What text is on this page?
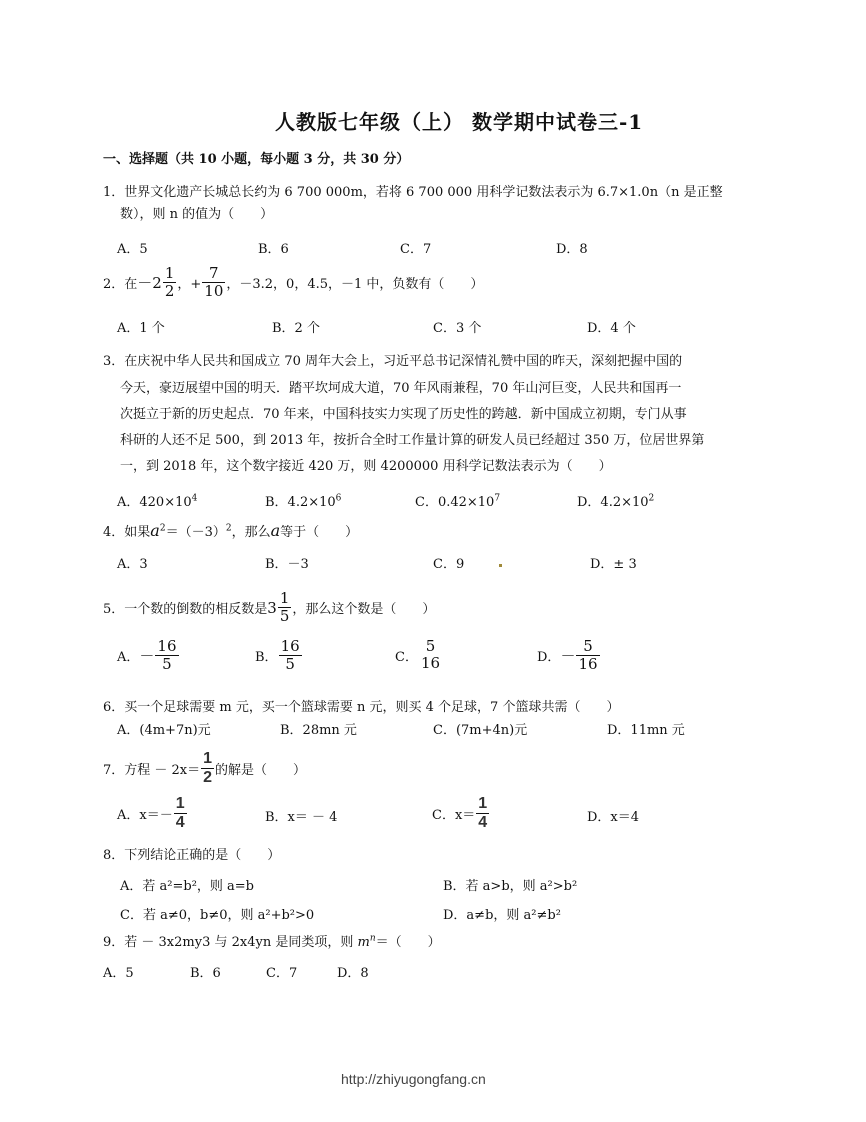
人教版七年级（上） 数学期中试卷三-1
一、选择题（共 10 小题，每小题 3 分，共 30 分）
1．世界文化遗产长城总长约为 6 700 000m，若将 6 700 000 用科学记数法表示为 6.7×1.0n（n 是正整
数），则 n 的值为（　　）
A．5	B．6	C．7	D．8
2．在$-2 \frac{1}{2}$ ，+ $\frac{7}{10}$ ，－3.2，0，4.5，－1 中，负数有（　　）
A．1 个	B．2 个	C．3 个	D．4 个
3．在庆祝中华人民共和国成立 70 周年大会上，习近平总书记深情礼赞中国的昨天，深刻把握中国的
今天，豪迈展望中国的明天．踏平坎坷成大道，70 年风雨兼程，70 年山河巨变，人民共和国再一
次挺立于新的历史起点．70 年来，中国科技实力实现了历史性的跨越．新中国成立初期，专门从事
科研的人还不足 500，到 2013 年，按折合全时工作量计算的研发人员已经超过 350 万，位居世界第
一，到 2018 年，这个数字接近 420 万，则 4200000 用科学记数法表示为（　　）
A．$420\times 10^4$	B．$4.2\times 10^6$	C．$0.42\times 10^7$	D．$4.2\times 10^2$
4．如果$a^2=(-3)^2$，那么a等于（　　）
A．3	B．－3	C．9	D．± 3
5．一个数的倒数的相反数是$3 \frac{1}{5}$ ，那么这个数是（　　）
A．－ $\frac{16}{5}$	B． $\frac{16}{5}$	C．
5
16	D．－ $\frac{5}{16}$
6．买一个足球需要 m 元，买一个篮球需要 n 元，则买 4 个足球，7 个篮球共需（　　）
A．(4m+7n)元	B．28mn 元	C．(7m+4n)元	D．11mn 元
7．方程 － $2x= \frac{1}{2}$ 的解是（　　）
A．$x=- \frac{1}{4}$	B．x＝ － 4	C．$x= \frac{1}{4}$	D．x＝4
8．下列结论正确的是（　　）
A．若 a²=b²，则 a=b	B．若 a>b，则 a²>b²
C．若 a≠0，b≠0，则 a²+b²>0	D．a≠b，则 a²≠b²
9．若 － 3x2my3 与 2x4yn 是同类项，则 $m^n=$（　　）
A．5	B．6	C．7	D．8
http://zhiyugongfang.cn
